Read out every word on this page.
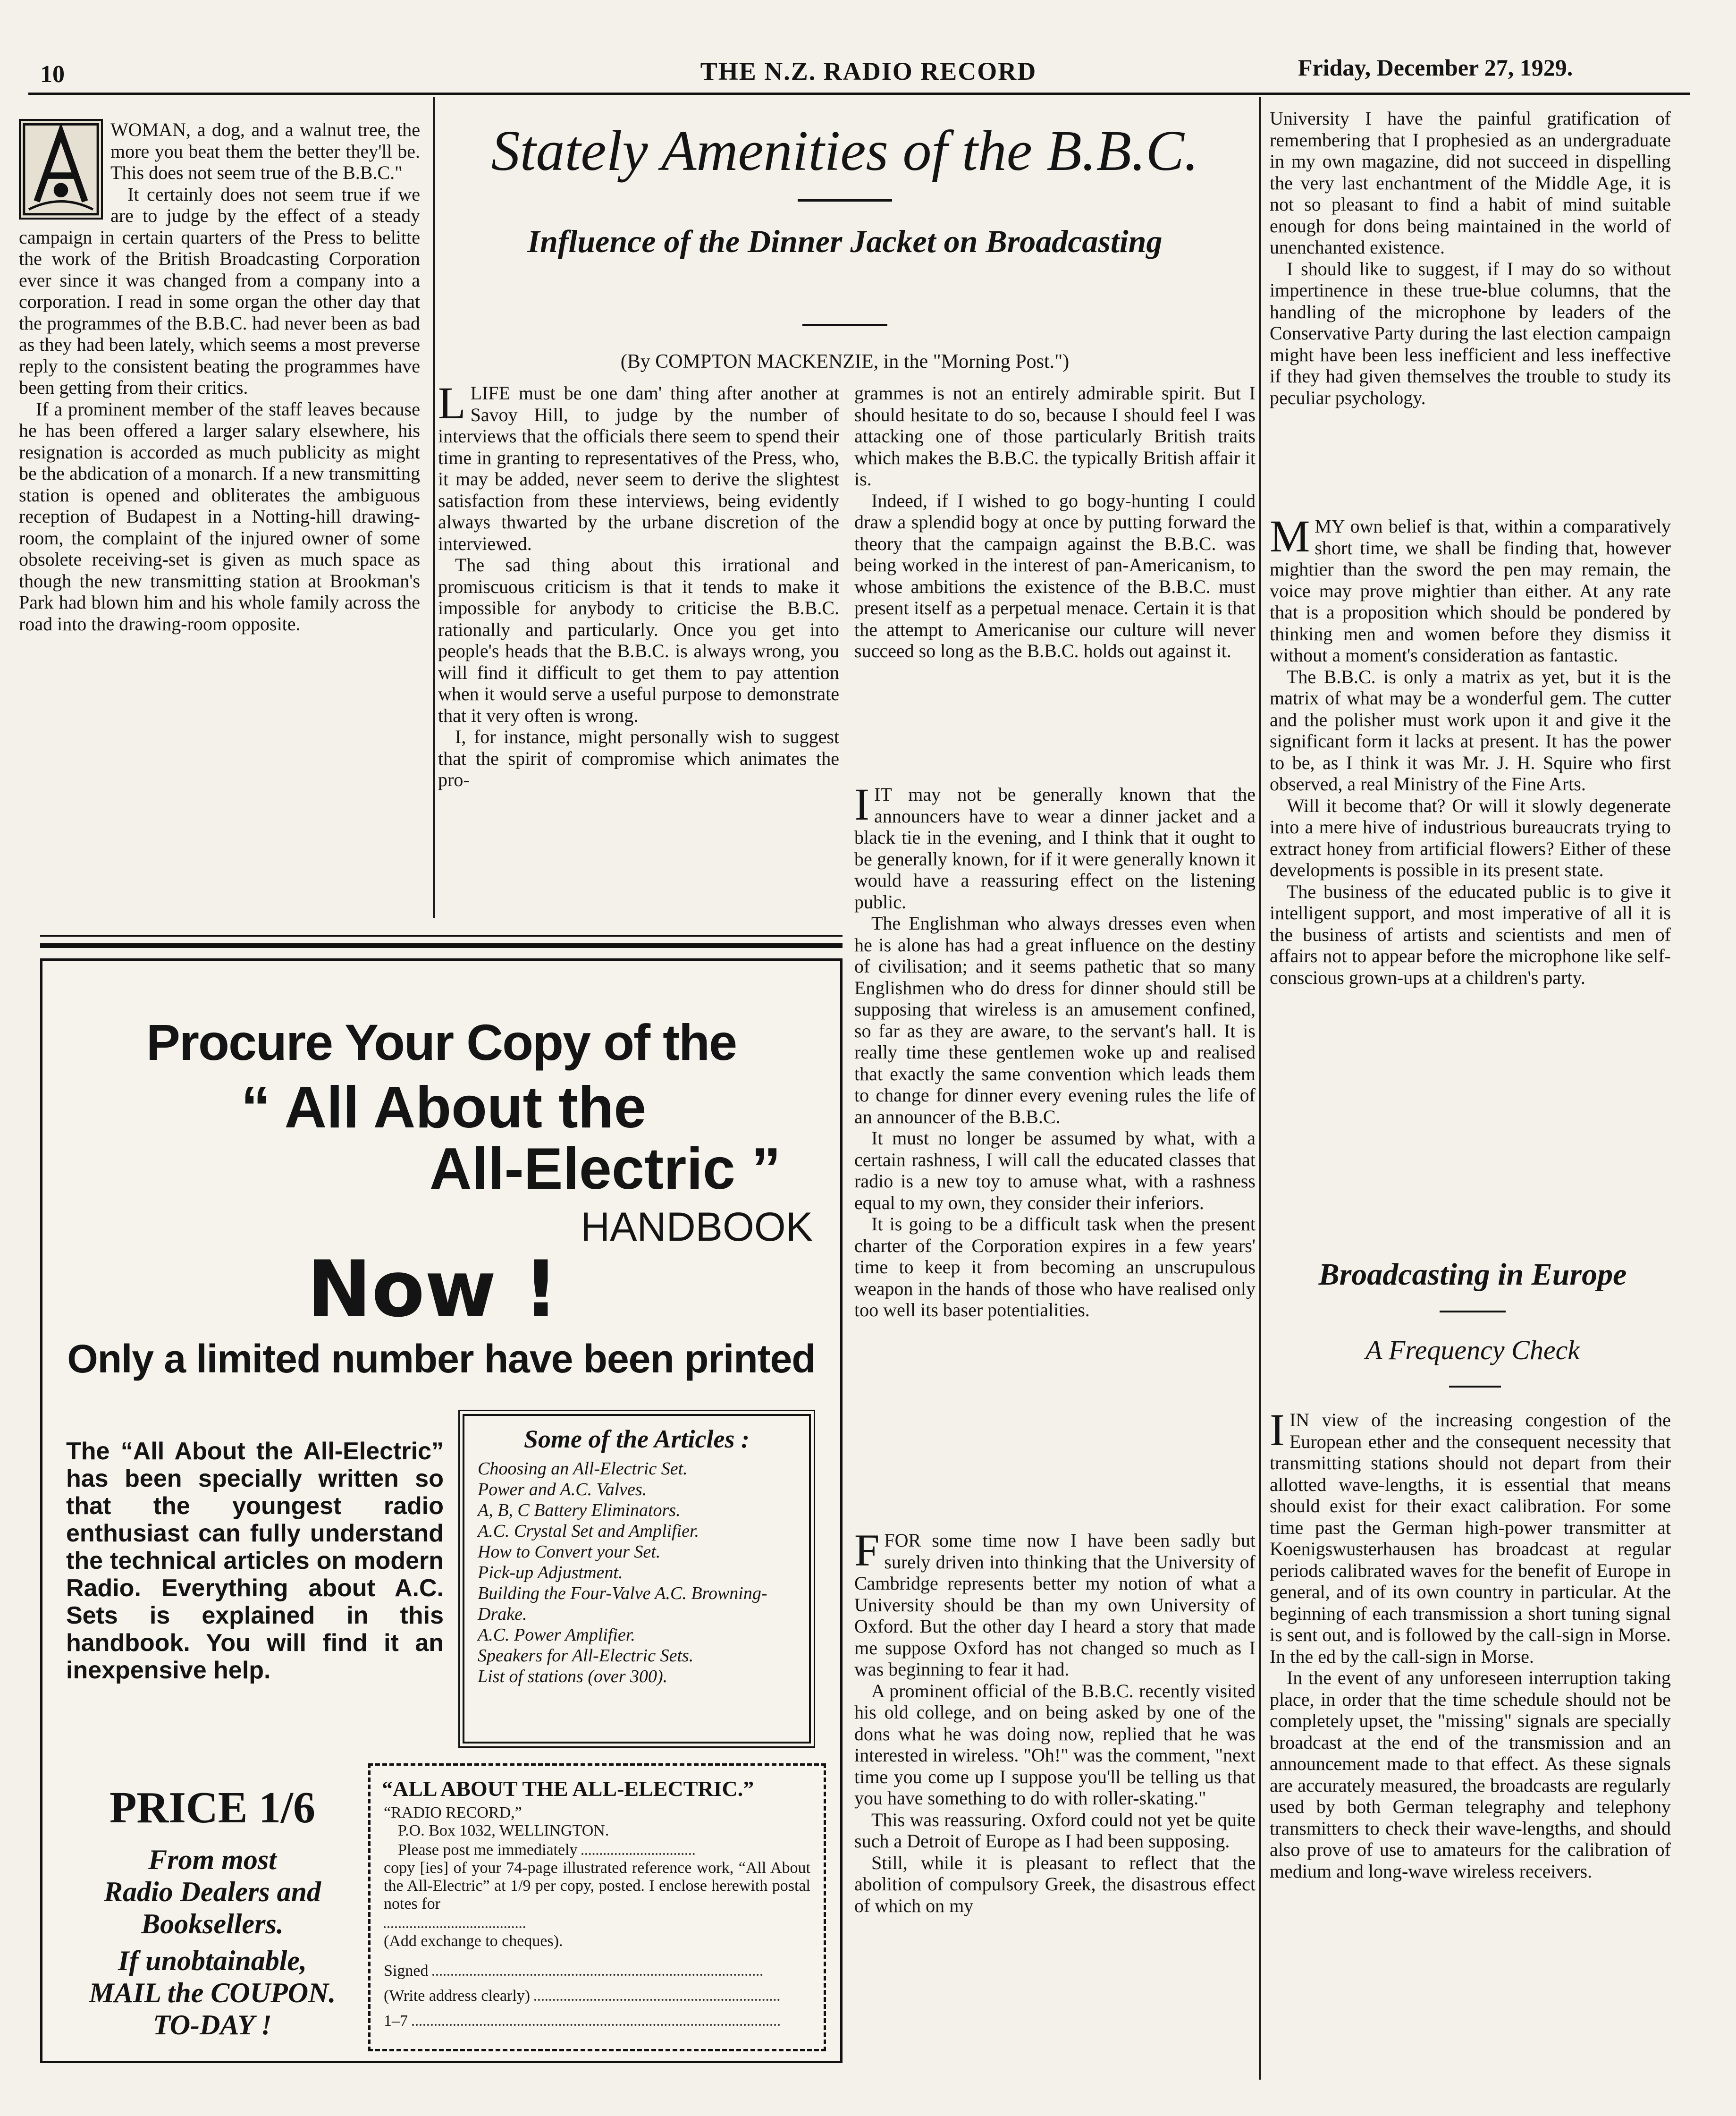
10	THE N.Z. RADIO RECORD	Friday, December 27, 1929.

WOMAN, a dog, and a walnut tree, the more you beat them the better they'll be. This does not seem true of the B.B.C."

It certainly does not seem true if we are to judge by the effect of a steady campaign in certain quarters of the Press to belitte the work of the British Broadcasting Corporation ever since it was changed from a company into a corporation. I read in some organ the other day that the programmes of the B.B.C. had never been as bad as they had been lately, which seems a most preverse reply to the consistent beating the programmes have been getting from their critics.

If a prominent member of the staff leaves because he has been offered a larger salary elsewhere, his resignation is accorded as much publicity as might be the abdication of a monarch. If a new transmitting station is opened and obliterates the ambiguous reception of Budapest in a Notting-hill drawing-room, the complaint of the injured owner of some obsolete receiving-set is given as much space as though the new transmitting station at Brookman's Park had blown him and his whole family across the road into the drawing-room opposite.

Stately Amenities of the B.B.C.
Influence of the Dinner Jacket on Broadcasting
(By COMPTON MACKENZIE, in the "Morning Post.")
L LIFE must be one dam' thing after another at Savoy Hill, to judge by the number of interviews that the officials there seem to spend their time in granting to representatives of the Press, who, it may be added, never seem to derive the slightest satisfaction from these interviews, being evidently always thwarted by the urbane discretion of the interviewed.

The sad thing about this irrational and promiscuous criticism is that it tends to make it impossible for anybody to criticise the B.B.C. rationally and particularly. Once you get into people's heads that the B.B.C. is always wrong, you will find it difficult to get them to pay attention when it would serve a useful purpose to demonstrate that it very often is wrong.

I, for instance, might personally wish to suggest that the spirit of compromise which animates the pro-

grammes is not an entirely admirable spirit. But I should hesitate to do so, because I should feel I was attacking one of those particularly British traits which makes the B.B.C. the typically British affair it is.

Indeed, if I wished to go bogy-hunting I could draw a splendid bogy at once by putting forward the theory that the campaign against the B.B.C. was being worked in the interest of pan-Americanism, to whose ambitions the existence of the B.B.C. must present itself as a perpetual menace. Certain it is that the attempt to Americanise our culture will never succeed so long as the B.B.C. holds out against it.

I IT may not be generally known that the announcers have to wear a dinner jacket and a black tie in the evening, and I think that it ought to be generally known, for if it were generally known it would have a reassuring effect on the listening public.

The Englishman who always dresses even when he is alone has had a great influence on the destiny of civilisation; and it seems pathetic that so many Englishmen who do dress for dinner should still be supposing that wireless is an amusement confined, so far as they are aware, to the servant's hall. It is really time these gentlemen woke up and realised that exactly the same convention which leads them to change for dinner every evening rules the life of an announcer of the B.B.C.

It must no longer be assumed by what, with a certain rashness, I will call the educated classes that radio is a new toy to amuse what, with a rashness equal to my own, they consider their inferiors.

It is going to be a difficult task when the present charter of the Corporation expires in a few years' time to keep it from becoming an unscrupulous weapon in the hands of those who have realised only too well its baser potentialities.

F FOR some time now I have been sadly but surely driven into thinking that the University of Cambridge represents better my notion of what a University should be than my own University of Oxford. But the other day I heard a story that made me suppose Oxford has not changed so much as I was beginning to fear it had.

A prominent official of the B.B.C. recently visited his old college, and on being asked by one of the dons what he was doing now, replied that he was interested in wireless. "Oh!" was the comment, "next time you come up I suppose you'll be telling us that you have something to do with roller-skating."

This was reassuring. Oxford could not yet be quite such a Detroit of Europe as I had been supposing.

Still, while it is pleasant to reflect that the abolition of compulsory Greek, the disastrous effect of which on my

University I have the painful gratification of remembering that I prophesied as an undergraduate in my own magazine, did not succeed in dispelling the very last enchantment of the Middle Age, it is not so pleasant to find a habit of mind suitable enough for dons being maintained in the world of unenchanted existence.

I should like to suggest, if I may do so without impertinence in these true-blue columns, that the handling of the microphone by leaders of the Conservative Party during the last election campaign might have been less inefficient and less ineffective if they had given themselves the trouble to study its peculiar psychology.

M MY own belief is that, within a comparatively short time, we shall be finding that, however mightier than the sword the pen may remain, the voice may prove mightier than either. At any rate that is a proposition which should be pondered by thinking men and women before they dismiss it without a moment's consideration as fantastic.

The B.B.C. is only a matrix as yet, but it is the matrix of what may be a wonderful gem. The cutter and the polisher must work upon it and give it the significant form it lacks at present. It has the power to be, as I think it was Mr. J. H. Squire who first observed, a real Ministry of the Fine Arts.

Will it become that? Or will it slowly degenerate into a mere hive of industrious bureaucrats trying to extract honey from artificial flowers? Either of these developments is possible in its present state.

The business of the educated public is to give it intelligent support, and most imperative of all it is the business of artists and scientists and men of affairs not to appear before the microphone like self-conscious grown-ups at a children's party.

Broadcasting in Europe
A Frequency Check
I IN view of the increasing congestion of the European ether and the consequent necessity that transmitting stations should not depart from their allotted wave-lengths, it is essential that means should exist for their exact calibration. For some time past the German high-power transmitter at Koenigswusterhausen has broadcast at regular periods calibrated waves for the benefit of Europe in general, and of its own country in particular. At the beginning of each transmission a short tuning signal is sent out, and is followed by the call-sign in Morse. In the ed by the call-sign in Morse.

In the event of any unforeseen interruption taking place, in order that the time schedule should not be completely upset, the "missing" signals are specially broadcast at the end of the transmission and an announcement made to that effect. As these signals are accurately measured, the broadcasts are regularly used by both German telegraphy and telephony transmitters to check their wave-lengths, and should also prove of use to amateurs for the calibration of medium and long-wave wireless receivers.

Procure Your Copy of the
“ All About the
All-Electric ”
HANDBOOK
Now !
Only a limited number have been printed
The “All About the All-Electric” has been specially written so that the youngest radio enthusiast can fully understand the technical articles on modern Radio. Everything about A.C. Sets is explained in this handbook. You will find it an inexpensive help.
Some of the Articles :

Choosing an All-Electric Set.

Power and A.C. Valves.

A, B, C Battery Eliminators.

A.C. Crystal Set and Amplifier.

How to Convert your Set.

Pick-up Adjustment.

Building the Four-Valve A.C. Browning-Drake.

A.C. Power Amplifier.

Speakers for All-Electric Sets.

List of stations (over 300).

PRICE 1/6
From most
Radio Dealers and
Booksellers.
If unobtainable,
MAIL the COUPON.
TO-DAY !
“ALL ABOUT THE ALL-ELECTRIC.”
“RADIO RECORD,”
P.O. Box 1032, WELLINGTON.
Please post me immediately
copy [ies] of your 74-page illustrated reference work, “All About the All-Electric” at 1/9 per copy, posted. I enclose herewith postal notes for
(Add exchange to cheques).
Signed
(Write address clearly)
1–7
